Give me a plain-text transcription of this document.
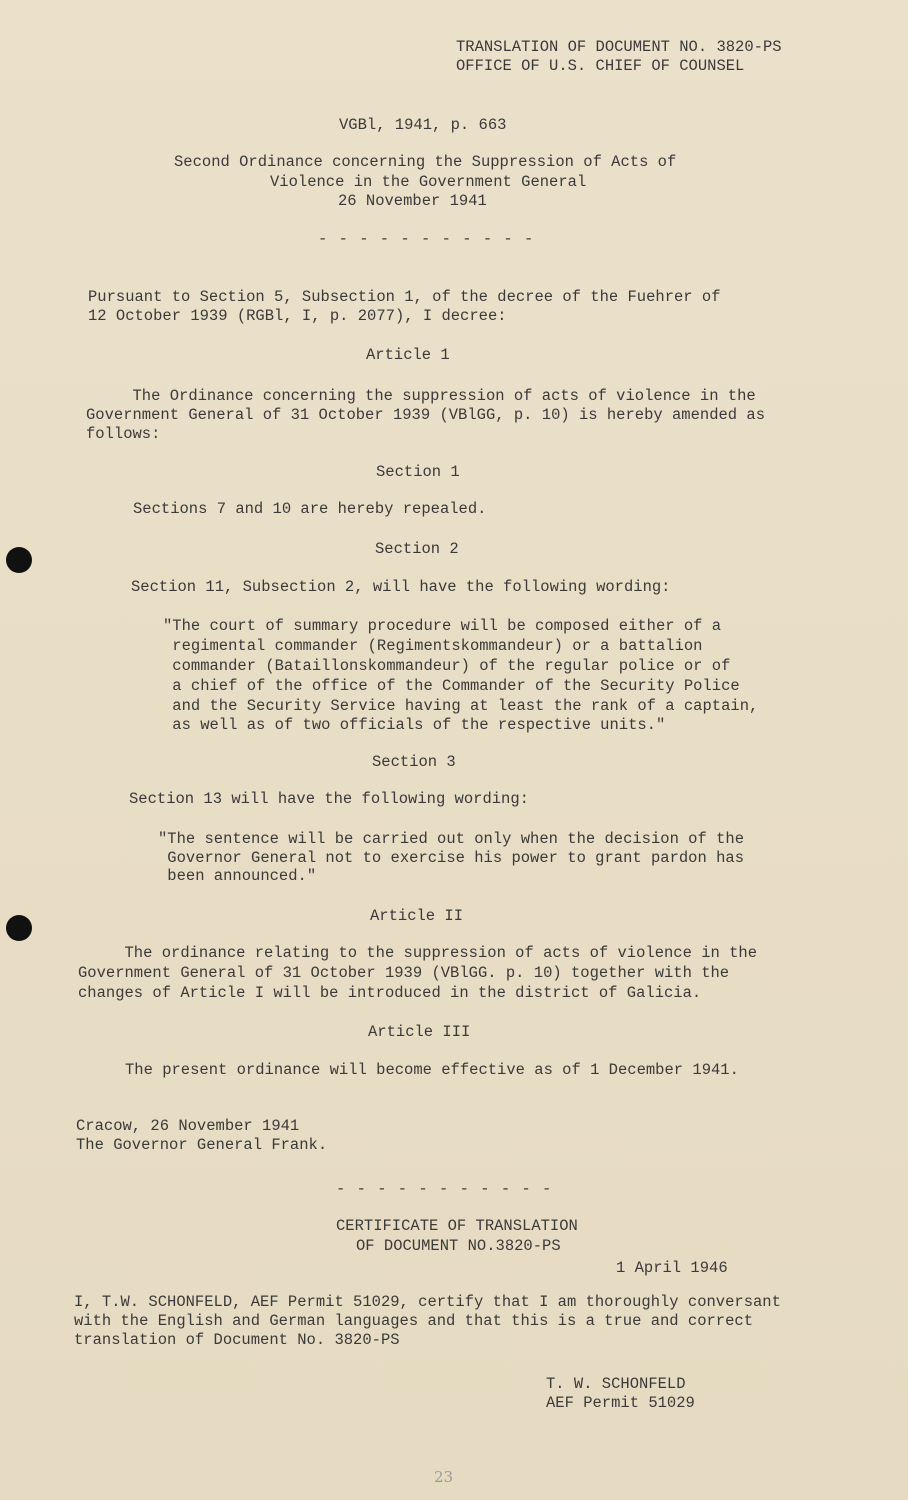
TRANSLATION OF DOCUMENT NO. 3820-PS
OFFICE OF U.S. CHIEF OF COUNSEL
VGBl, 1941, p. 663
Second Ordinance concerning the Suppression of Acts of
Violence in the Government General
26 November 1941
- - - - - - - - - - -
Pursuant to Section 5, Subsection 1, of the decree of the Fuehrer of
12 October 1939 (RGBl, I, p. 2077), I decree:
Article 1
The Ordinance concerning the suppression of acts of violence in the
Government General of 31 October 1939 (VBlGG, p. 10) is hereby amended as
follows:
Section 1
Sections 7 and 10 are hereby repealed.
Section 2
Section 11, Subsection 2, will have the following wording:
"The court of summary procedure will be composed either of a
regimental commander (Regimentskommandeur) or a battalion
commander (Bataillonskommandeur) of the regular police or of
a chief of the office of the Commander of the Security Police
and the Security Service having at least the rank of a captain,
as well as of two officials of the respective units."
Section 3
Section 13 will have the following wording:
"The sentence will be carried out only when the decision of the
Governor General not to exercise his power to grant pardon has
been announced."
Article II
The ordinance relating to the suppression of acts of violence in the
Government General of 31 October 1939 (VBlGG. p. 10) together with the
changes of Article I will be introduced in the district of Galicia.
Article III
The present ordinance will become effective as of 1 December 1941.
Cracow, 26 November 1941
The Governor General Frank.
- - - - - - - - - - -
CERTIFICATE OF TRANSLATION
OF DOCUMENT NO.3820-PS
1 April 1946
I, T.W. SCHONFELD, AEF Permit 51029, certify that I am thoroughly conversant
with the English and German languages and that this is a true and correct
translation of Document No. 3820-PS
T. W. SCHONFELD
AEF Permit 51029
23
